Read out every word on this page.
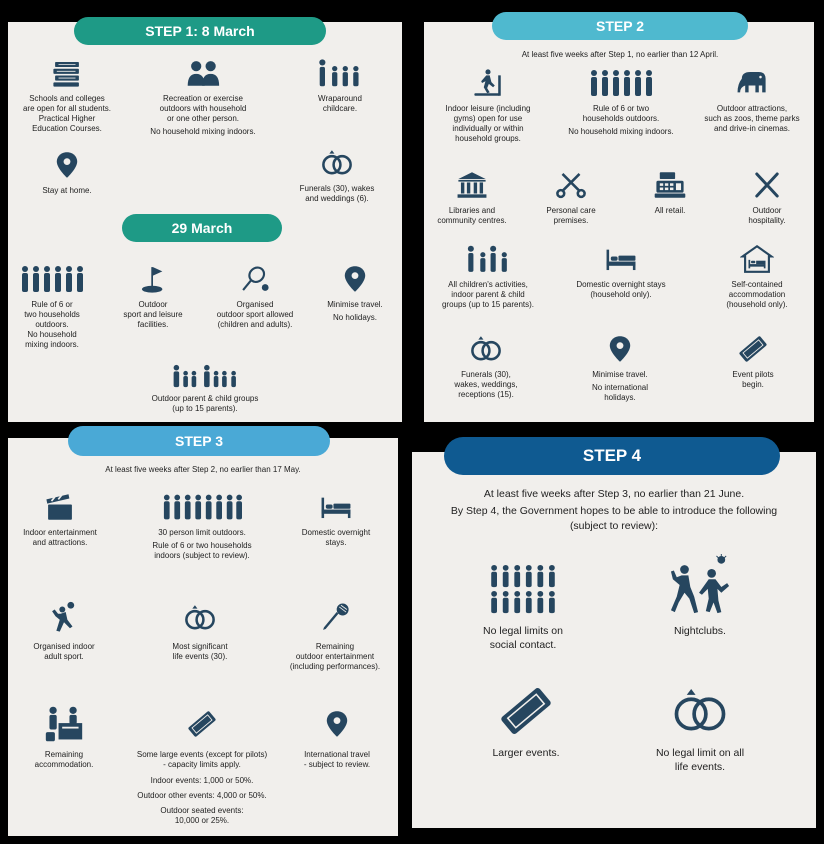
STEP 1: 8 March
Schools and colleges
are open for all students.
Practical Higher
Education Courses.
Recreation or exercise
outdoors with household
or one other person.
No household mixing indoors.
Wraparound
childcare.
Stay at home.	Funerals (30), wakes
and weddings (6).
29 March
Rule of 6 or
two households
outdoors.
No household
mixing indoors.
Outdoor
sport and leisure
facilities.
Organised
outdoor sport allowed
(children and adults).
Minimise travel.
No holidays.
Outdoor parent & child groups
(up to 15 parents).
STEP 2
At least five weeks after Step 1, no earlier than 12 April.
Indoor leisure (including
gyms) open for use
individually or within
household groups.
Rule of 6 or two
households outdoors.
No household mixing indoors.
Outdoor attractions,
such as zoos, theme parks
and drive-in cinemas.
Libraries and
community centres.
Personal care
premises.
All retail.	Outdoor
hospitality.
All children's activities,
indoor parent & child
groups (up to 15 parents).
Domestic overnight stays
(household only).
Self-contained
accommodation
(household only).
Funerals (30),
wakes, weddings,
receptions (15).
Minimise travel.
No international
holidays.
Event pilots
begin.
STEP 3
At least five weeks after Step 2, no earlier than 17 May.
Indoor entertainment
and attractions.
30 person limit outdoors.
Rule of 6 or two households
indoors (subject to review).
Domestic overnight
stays.
Organised indoor
adult sport.
Most significant
life events (30).
Remaining
outdoor entertainment
(including performances).
Remaining
accommodation.
Some large events (except for pilots)
- capacity limits apply.
Indoor events: 1,000 or 50%.
Outdoor other events: 4,000 or 50%.
Outdoor seated events:
10,000 or 25%.
International travel
- subject to review.
STEP 4
At least five weeks after Step 3, no earlier than 21 June.
By Step 4, the Government hopes to be able to introduce the following
(subject to review):
No legal limits on
social contact.
Nightclubs.
Larger events.	No legal limit on all
life events.
